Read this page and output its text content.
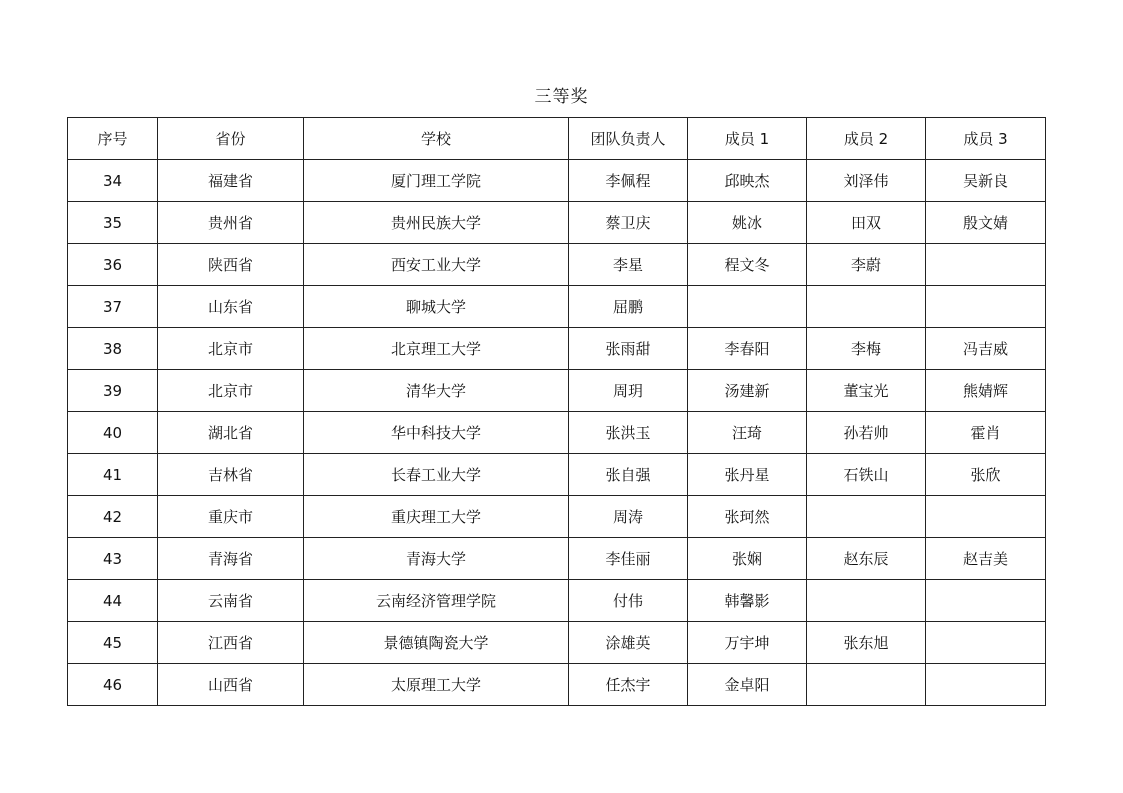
三等奖
序号	省份	学校	团队负责人	成员 1	成员 2	成员 3
34	福建省	厦门理工学院	李佩程	邱映杰	刘泽伟	吴新良
35	贵州省	贵州民族大学	蔡卫庆	姚冰	田双	殷文婧
36	陕西省	西安工业大学	李星	程文冬	李蔚	
37	山东省	聊城大学	屈鹏			
38	北京市	北京理工大学	张雨甜	李春阳	李梅	冯吉威
39	北京市	清华大学	周玥	汤建新	董宝光	熊婧辉
40	湖北省	华中科技大学	张洪玉	汪琦	孙若帅	霍肖
41	吉林省	长春工业大学	张自强	张丹星	石铁山	张欣
42	重庆市	重庆理工大学	周涛	张珂然		
43	青海省	青海大学	李佳丽	张娴	赵东辰	赵吉美
44	云南省	云南经济管理学院	付伟	韩馨影		
45	江西省	景德镇陶瓷大学	涂雄英	万宇坤	张东旭	
46	山西省	太原理工大学	任杰宇	金卓阳		
